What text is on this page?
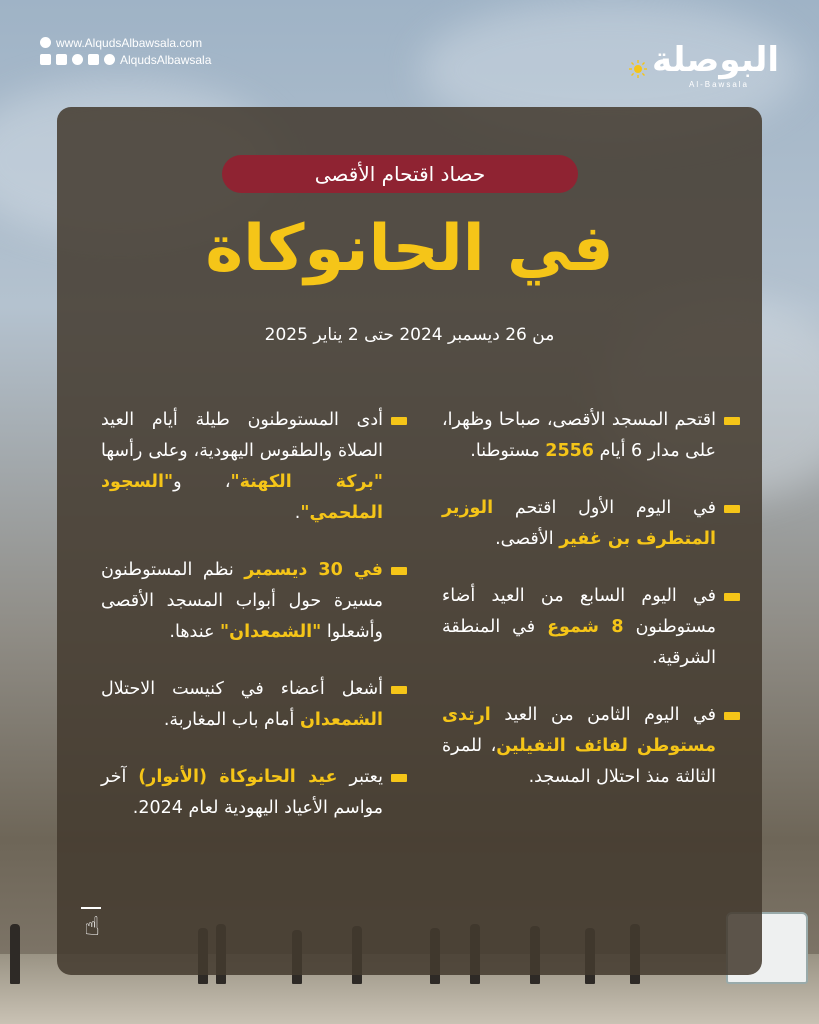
www.AlqudsAlbawsala.com
AlqudsAlbawsala	البوصلة
Al-Bawsala
حصاد اقتحام الأقصى
في الحانوكاة
من 26 ديسمبر 2024 حتى 2 يناير 2025
اقتحم المسجد الأقصى، صباحا وظهرا، على مدار 6 أيام 2556 مستوطنا.
في اليوم الأول اقتحم الوزير المتطرف بن غفير الأقصى.
في اليوم السابع من العيد أضاء مستوطنون 8 شموع في المنطقة الشرقية.
في اليوم الثامن من العيد ارتدى مستوطن لفائف التفيلين، للمرة الثالثة منذ احتلال المسجد.
أدى المستوطنون طيلة أيام العيد الصلاة والطقوس اليهودية، وعلى رأسها "بركة الكهنة"، و"السجود الملحمي".
في 30 ديسمبر نظم المستوطنون مسيرة حول أبواب المسجد الأقصى وأشعلوا "الشمعدان" عندها.
أشعل أعضاء في كنيست الاحتلال الشمعدان أمام باب المغاربة.
يعتبر عيد الحانوكاة (الأنوار) آخر مواسم الأعياد اليهودية لعام 2024.
☝
